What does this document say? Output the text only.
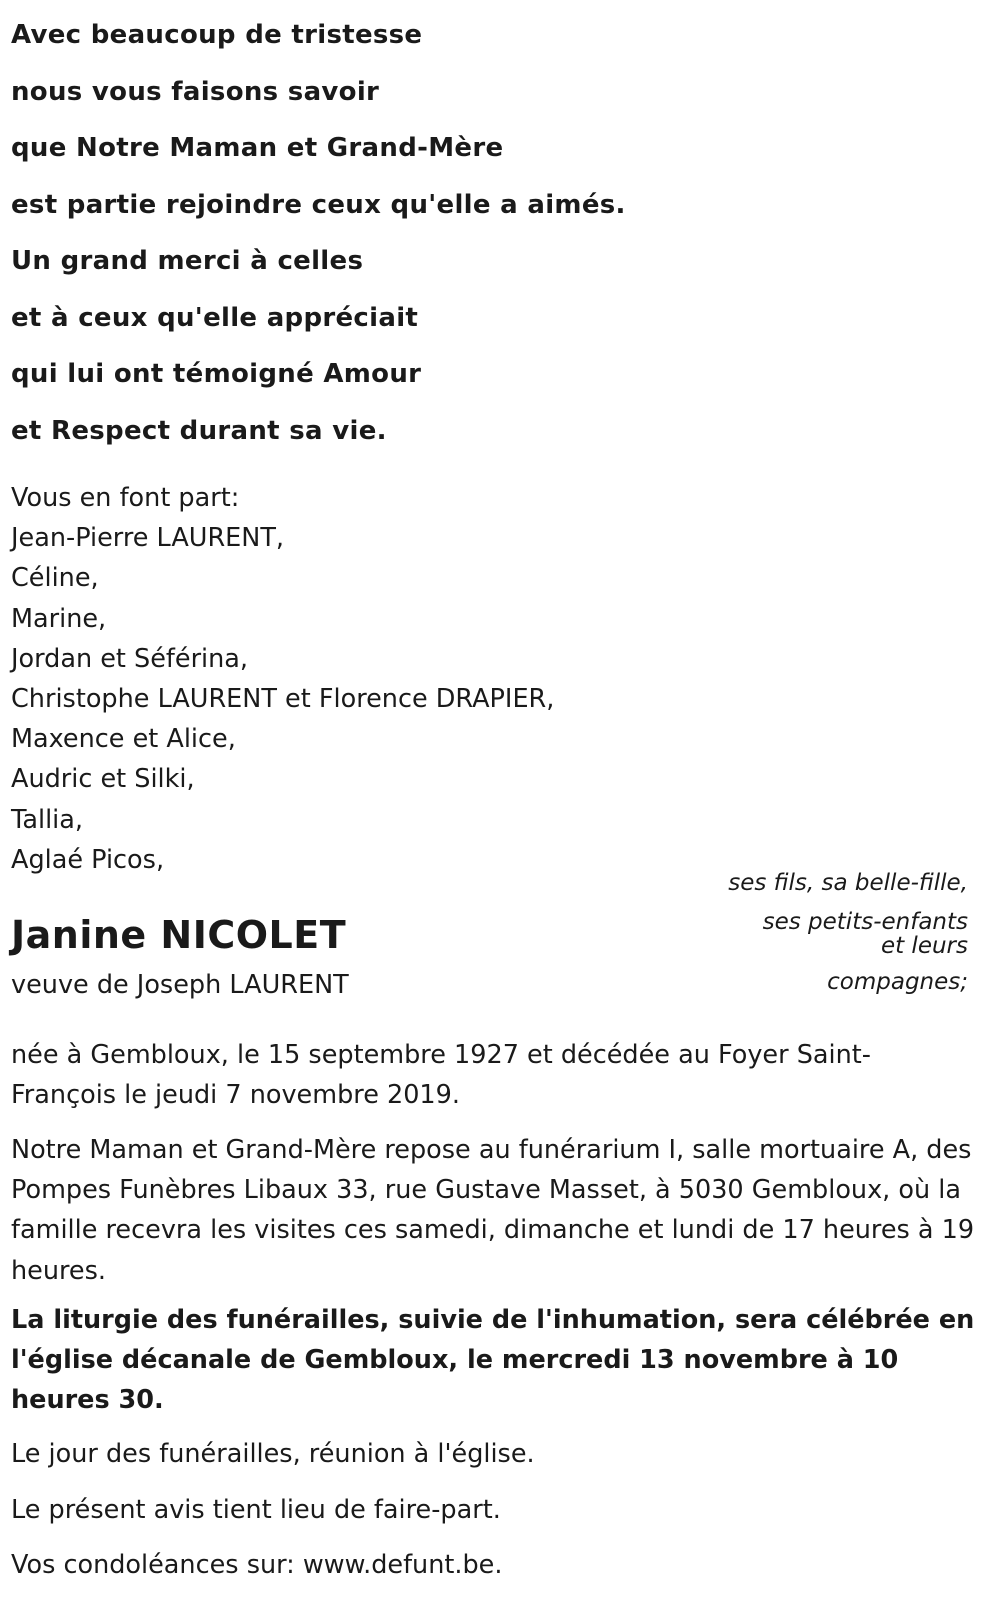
Avec beaucoup de tristesse
nous vous faisons savoir
que Notre Maman et Grand-Mère
est partie rejoindre ceux qu'elle a aimés.
Un grand merci à celles
et à ceux qu'elle appréciait
qui lui ont témoigné Amour
et Respect durant sa vie.
Vous en font part:
Jean-Pierre LAURENT,
Céline,
Marine,
Jordan et Séférina,
Christophe LAURENT et Florence DRAPIER,
Maxence et Alice,
Audric et Silki,
Tallia,
Aglaé Picos,
ses fils, sa belle-fille,
ses petits-enfants
et leurs
compagnes;
Janine NICOLET
veuve de Joseph LAURENT

née à Gembloux, le 15 septembre 1927 et décédée au Foyer Saint-François le jeudi 7 novembre 2019.

Notre Maman et Grand-Mère repose au funérarium I, salle mortuaire A, des Pompes Funèbres Libaux 33, rue Gustave Masset, à 5030 Gembloux, où la famille recevra les visites ces samedi, dimanche et lundi de 17 heures à 19 heures.

La liturgie des funérailles, suivie de l'inhumation, sera célébrée en l'église décanale de Gembloux, le mercredi 13 novembre à 10 heures 30.

Le jour des funérailles, réunion à l'église.

Le présent avis tient lieu de faire-part.

Vos condoléances sur: www.defunt.be.
